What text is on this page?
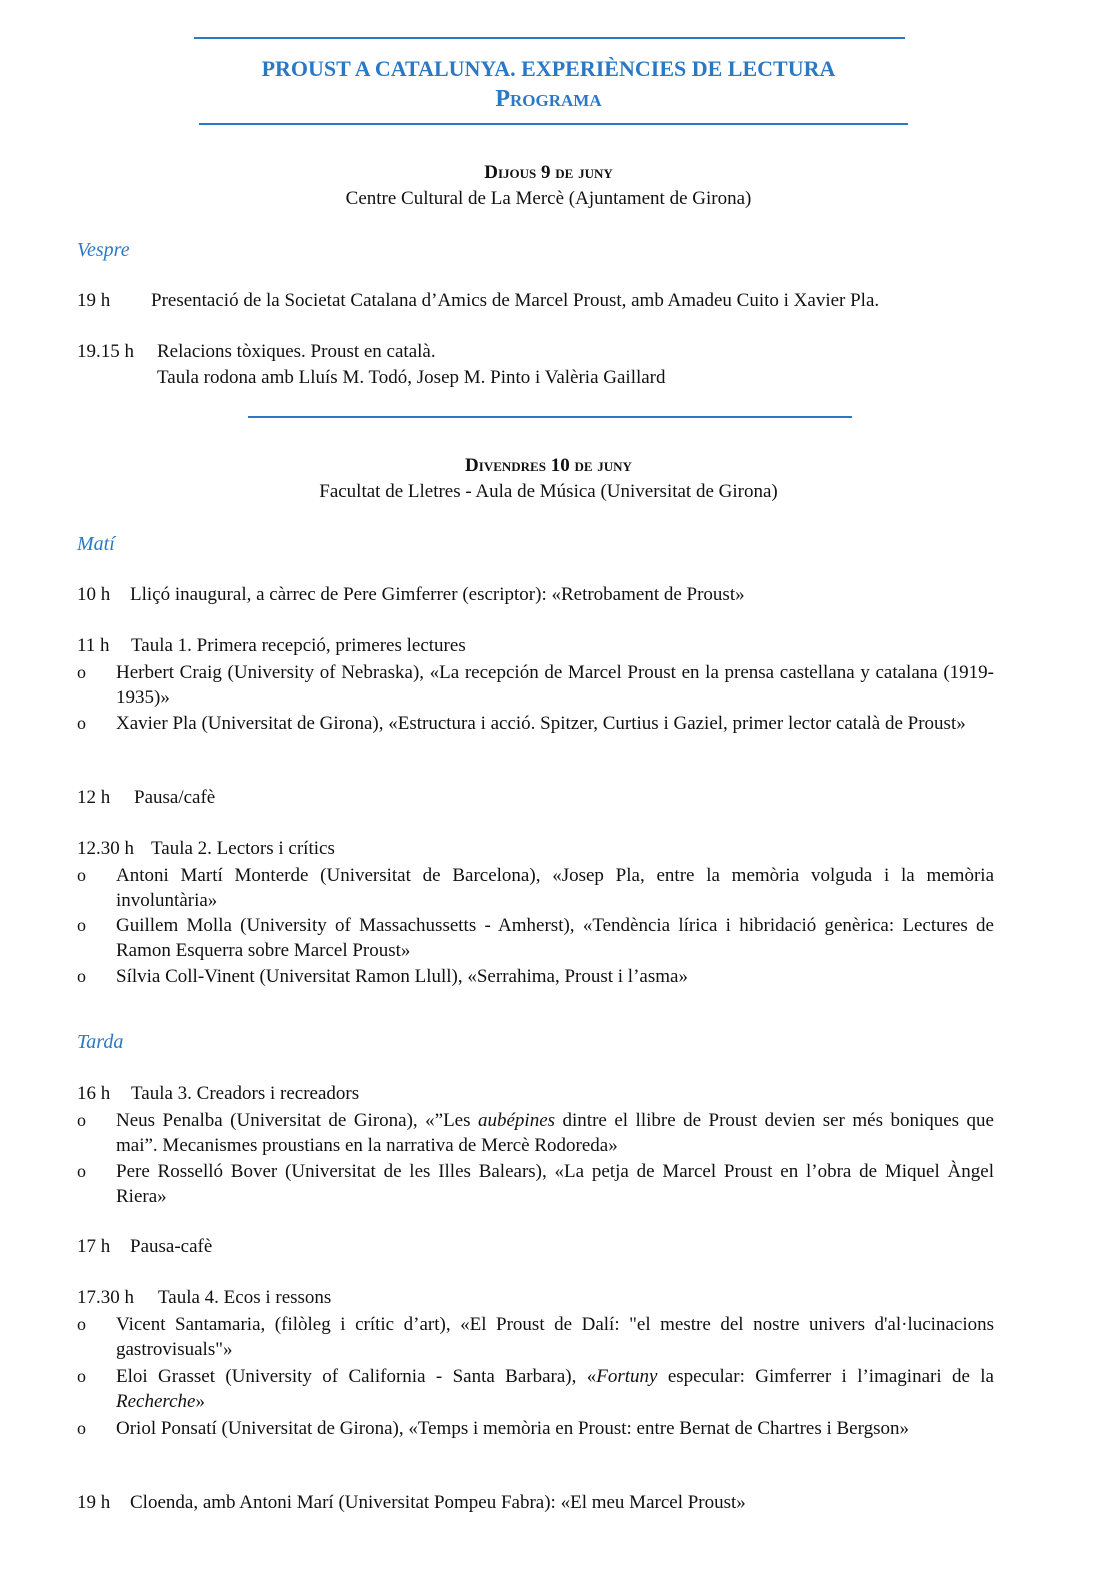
PROUST A CATALUNYA. EXPERIÈNCIES DE LECTURA
Programa
Dijous 9 de juny
Centre Cultural de La Mercè (Ajuntament de Girona)
Vespre
19 h Presentació de la Societat Catalana d’Amics de Marcel Proust, amb Amadeu Cuito i Xavier Pla.
19.15 h Relacions tòxiques. Proust en català.
Taula rodona amb Lluís M. Todó, Josep M. Pinto i Valèria Gaillard
Divendres 10 de juny
Facultat de Lletres - Aula de Música (Universitat de Girona)
Matí
10 h Lliçó inaugural, a càrrec de Pere Gimferrer (escriptor): «Retrobament de Proust»
11 h Taula 1. Primera recepció, primeres lectures
o Herbert Craig (University of Nebraska), «La recepción de Marcel Proust en la prensa castellana y catalana (1919-1935)»
o Xavier Pla (Universitat de Girona), «Estructura i acció. Spitzer, Curtius i Gaziel, primer lector català de Proust»
12 h Pausa/cafè
12.30 h Taula 2. Lectors i crítics
o Antoni Martí Monterde (Universitat de Barcelona), «Josep Pla, entre la memòria volguda i la memòria involuntària»
o Guillem Molla (University of Massachussetts - Amherst), «Tendència lírica i hibridació genèrica: Lectures de Ramon Esquerra sobre Marcel Proust»
o Sílvia Coll-Vinent (Universitat Ramon Llull), «Serrahima, Proust i l’asma»
Tarda
16 h Taula 3. Creadors i recreadors
o Neus Penalba (Universitat de Girona), «”Les aubépines dintre el llibre de Proust devien ser més boniques que mai”. Mecanismes proustians en la narrativa de Mercè Rodoreda»
o Pere Rosselló Bover (Universitat de les Illes Balears), «La petja de Marcel Proust en l’obra de Miquel Àngel Riera»
17 h Pausa-cafè
17.30 h Taula 4. Ecos i ressons
o Vicent Santamaria, (filòleg i crític d’art), «El Proust de Dalí: "el mestre del nostre univers d'al·lucinacions gastrovisuals"»
o Eloi Grasset (University of California - Santa Barbara), «Fortuny especular: Gimferrer i l’imaginari de la Recherche»
o Oriol Ponsatí (Universitat de Girona), «Temps i memòria en Proust: entre Bernat de Chartres i Bergson»
19 h Cloenda, amb Antoni Marí (Universitat Pompeu Fabra): «El meu Marcel Proust»
